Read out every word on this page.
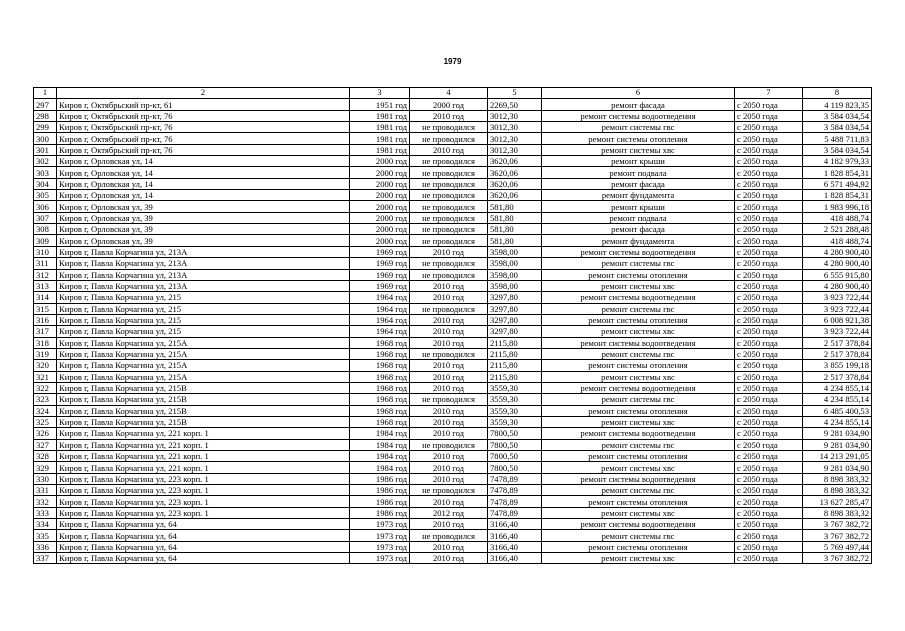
1979
1	2	3	4	5	6	7	8
297	Киров г, Октябрьский пр-кт, 61	1951 год	2000 год	2269,50	ремонт фасада	с 2050 года	4 119 823,35
298	Киров г, Октябрьский пр-кт, 76	1981 год	2010 год	3012,30	ремонт системы водоотведения	с 2050 года	3 584 034,54
299	Киров г, Октябрьский пр-кт, 76	1981 год	не проводился	3012,30	ремонт системы гвс	с 2050 года	3 584 034,54
300	Киров г, Октябрьский пр-кт, 76	1981 год	не проводился	3012,30	ремонт системы отопления	с 2050 года	5 488 711,83
301	Киров г, Октябрьский пр-кт, 76	1981 год	2010 год	3012,30	ремонт системы хвс	с 2050 года	3 584 034,54
302	Киров г, Орловская ул, 14	2000 год	не проводился	3620,06	ремонт крыши	с 2050 года	4 182 979,33
303	Киров г, Орловская ул, 14	2000 год	не проводился	3620,06	ремонт подвала	с 2050 года	1 828 854,31
304	Киров г, Орловская ул, 14	2000 год	не проводился	3620,06	ремонт фасада	с 2050 года	6 571 494,92
305	Киров г, Орловская ул, 14	2000 год	не проводился	3620,06	ремонт фундамента	с 2050 года	1 828 854,31
306	Киров г, Орловская ул, 39	2000 год	не проводился	581,80	ремонт крыши	с 2050 года	1 983 996,18
307	Киров г, Орловская ул, 39	2000 год	не проводился	581,80	ремонт подвала	с 2050 года	418 488,74
308	Киров г, Орловская ул, 39	2000 год	не проводился	581,80	ремонт фасада	с 2050 года	2 521 288,48
309	Киров г, Орловская ул, 39	2000 год	не проводился	581,80	ремонт фундамента	с 2050 года	418 488,74
310	Киров г, Павла Корчагина ул, 213А	1969 год	2010 год	3598,00	ремонт системы водоотведения	с 2050 года	4 280 900,40
311	Киров г, Павла Корчагина ул, 213А	1969 год	не проводился	3598,00	ремонт системы гвс	с 2050 года	4 280 900,40
312	Киров г, Павла Корчагина ул, 213А	1969 год	не проводился	3598,00	ремонт системы отопления	с 2050 года	6 555 915,80
313	Киров г, Павла Корчагина ул, 213А	1969 год	2010 год	3598,00	ремонт системы хвс	с 2050 года	4 280 900,40
314	Киров г, Павла Корчагина ул, 215	1964 год	2010 год	3297,80	ремонт системы водоотведения	с 2050 года	3 923 722,44
315	Киров г, Павла Корчагина ул, 215	1964 год	не проводился	3297,80	ремонт системы гвс	с 2050 года	3 923 722,44
316	Киров г, Павла Корчагина ул, 215	1964 год	2010 год	3297,80	ремонт системы отопления	с 2050 года	6 008 921,38
317	Киров г, Павла Корчагина ул, 215	1964 год	2010 год	3297,80	ремонт системы хвс	с 2050 года	3 923 722,44
318	Киров г, Павла Корчагина ул, 215А	1968 год	2010 год	2115,80	ремонт системы водоотведения	с 2050 года	2 517 378,84
319	Киров г, Павла Корчагина ул, 215А	1968 год	не проводился	2115,80	ремонт системы гвс	с 2050 года	2 517 378,84
320	Киров г, Павла Корчагина ул, 215А	1968 год	2010 год	2115,80	ремонт системы отопления	с 2050 года	3 855 199,18
321	Киров г, Павла Корчагина ул, 215А	1968 год	2010 год	2115,80	ремонт системы хвс	с 2050 года	2 517 378,84
322	Киров г, Павла Корчагина ул, 215В	1968 год	2010 год	3559,30	ремонт системы водоотведения	с 2050 года	4 234 855,14
323	Киров г, Павла Корчагина ул, 215В	1968 год	не проводился	3559,30	ремонт системы гвс	с 2050 года	4 234 855,14
324	Киров г, Павла Корчагина ул, 215В	1968 год	2010 год	3559,30	ремонт системы отопления	с 2050 года	6 485 400,53
325	Киров г, Павла Корчагина ул, 215В	1968 год	2010 год	3559,30	ремонт системы хвс	с 2050 года	4 234 855,14
326	Киров г, Павла Корчагина ул, 221 корп. 1	1984 год	2010 год	7800,50	ремонт системы водоотведения	с 2050 года	9 281 034,90
327	Киров г, Павла Корчагина ул, 221 корп. 1	1984 год	не проводился	7800,50	ремонт системы гвс	с 2050 года	9 281 034,90
328	Киров г, Павла Корчагина ул, 221 корп. 1	1984 год	2010 год	7800,50	ремонт системы отопления	с 2050 года	14 213 291,05
329	Киров г, Павла Корчагина ул, 221 корп. 1	1984 год	2010 год	7800,50	ремонт системы хвс	с 2050 года	9 281 034,90
330	Киров г, Павла Корчагина ул, 223 корп. 1	1986 год	2010 год	7478,89	ремонт системы водоотведения	с 2050 года	8 898 383,32
331	Киров г, Павла Корчагина ул, 223 корп. 1	1986 год	не проводился	7478,89	ремонт системы гвс	с 2050 года	8 898 383,32
332	Киров г, Павла Корчагина ул, 223 корп. 1	1986 год	2010 год	7478,89	ремонт системы отопления	с 2050 года	13 627 285,47
333	Киров г, Павла Корчагина ул, 223 корп. 1	1986 год	2012 год	7478,89	ремонт системы хвс	с 2050 года	8 898 383,32
334	Киров г, Павла Корчагина ул, 64	1973 год	2010 год	3166,40	ремонт системы водоотведения	с 2050 года	3 767 382,72
335	Киров г, Павла Корчагина ул, 64	1973 год	не проводился	3166,40	ремонт системы гвс	с 2050 года	3 767 382,72
336	Киров г, Павла Корчагина ул, 64	1973 год	2010 год	3166,40	ремонт системы отопления	с 2050 года	5 769 497,44
337	Киров г, Павла Корчагина ул, 64	1973 год	2010 год	3166,40	ремонт системы хвс	с 2050 года	3 767 382,72
